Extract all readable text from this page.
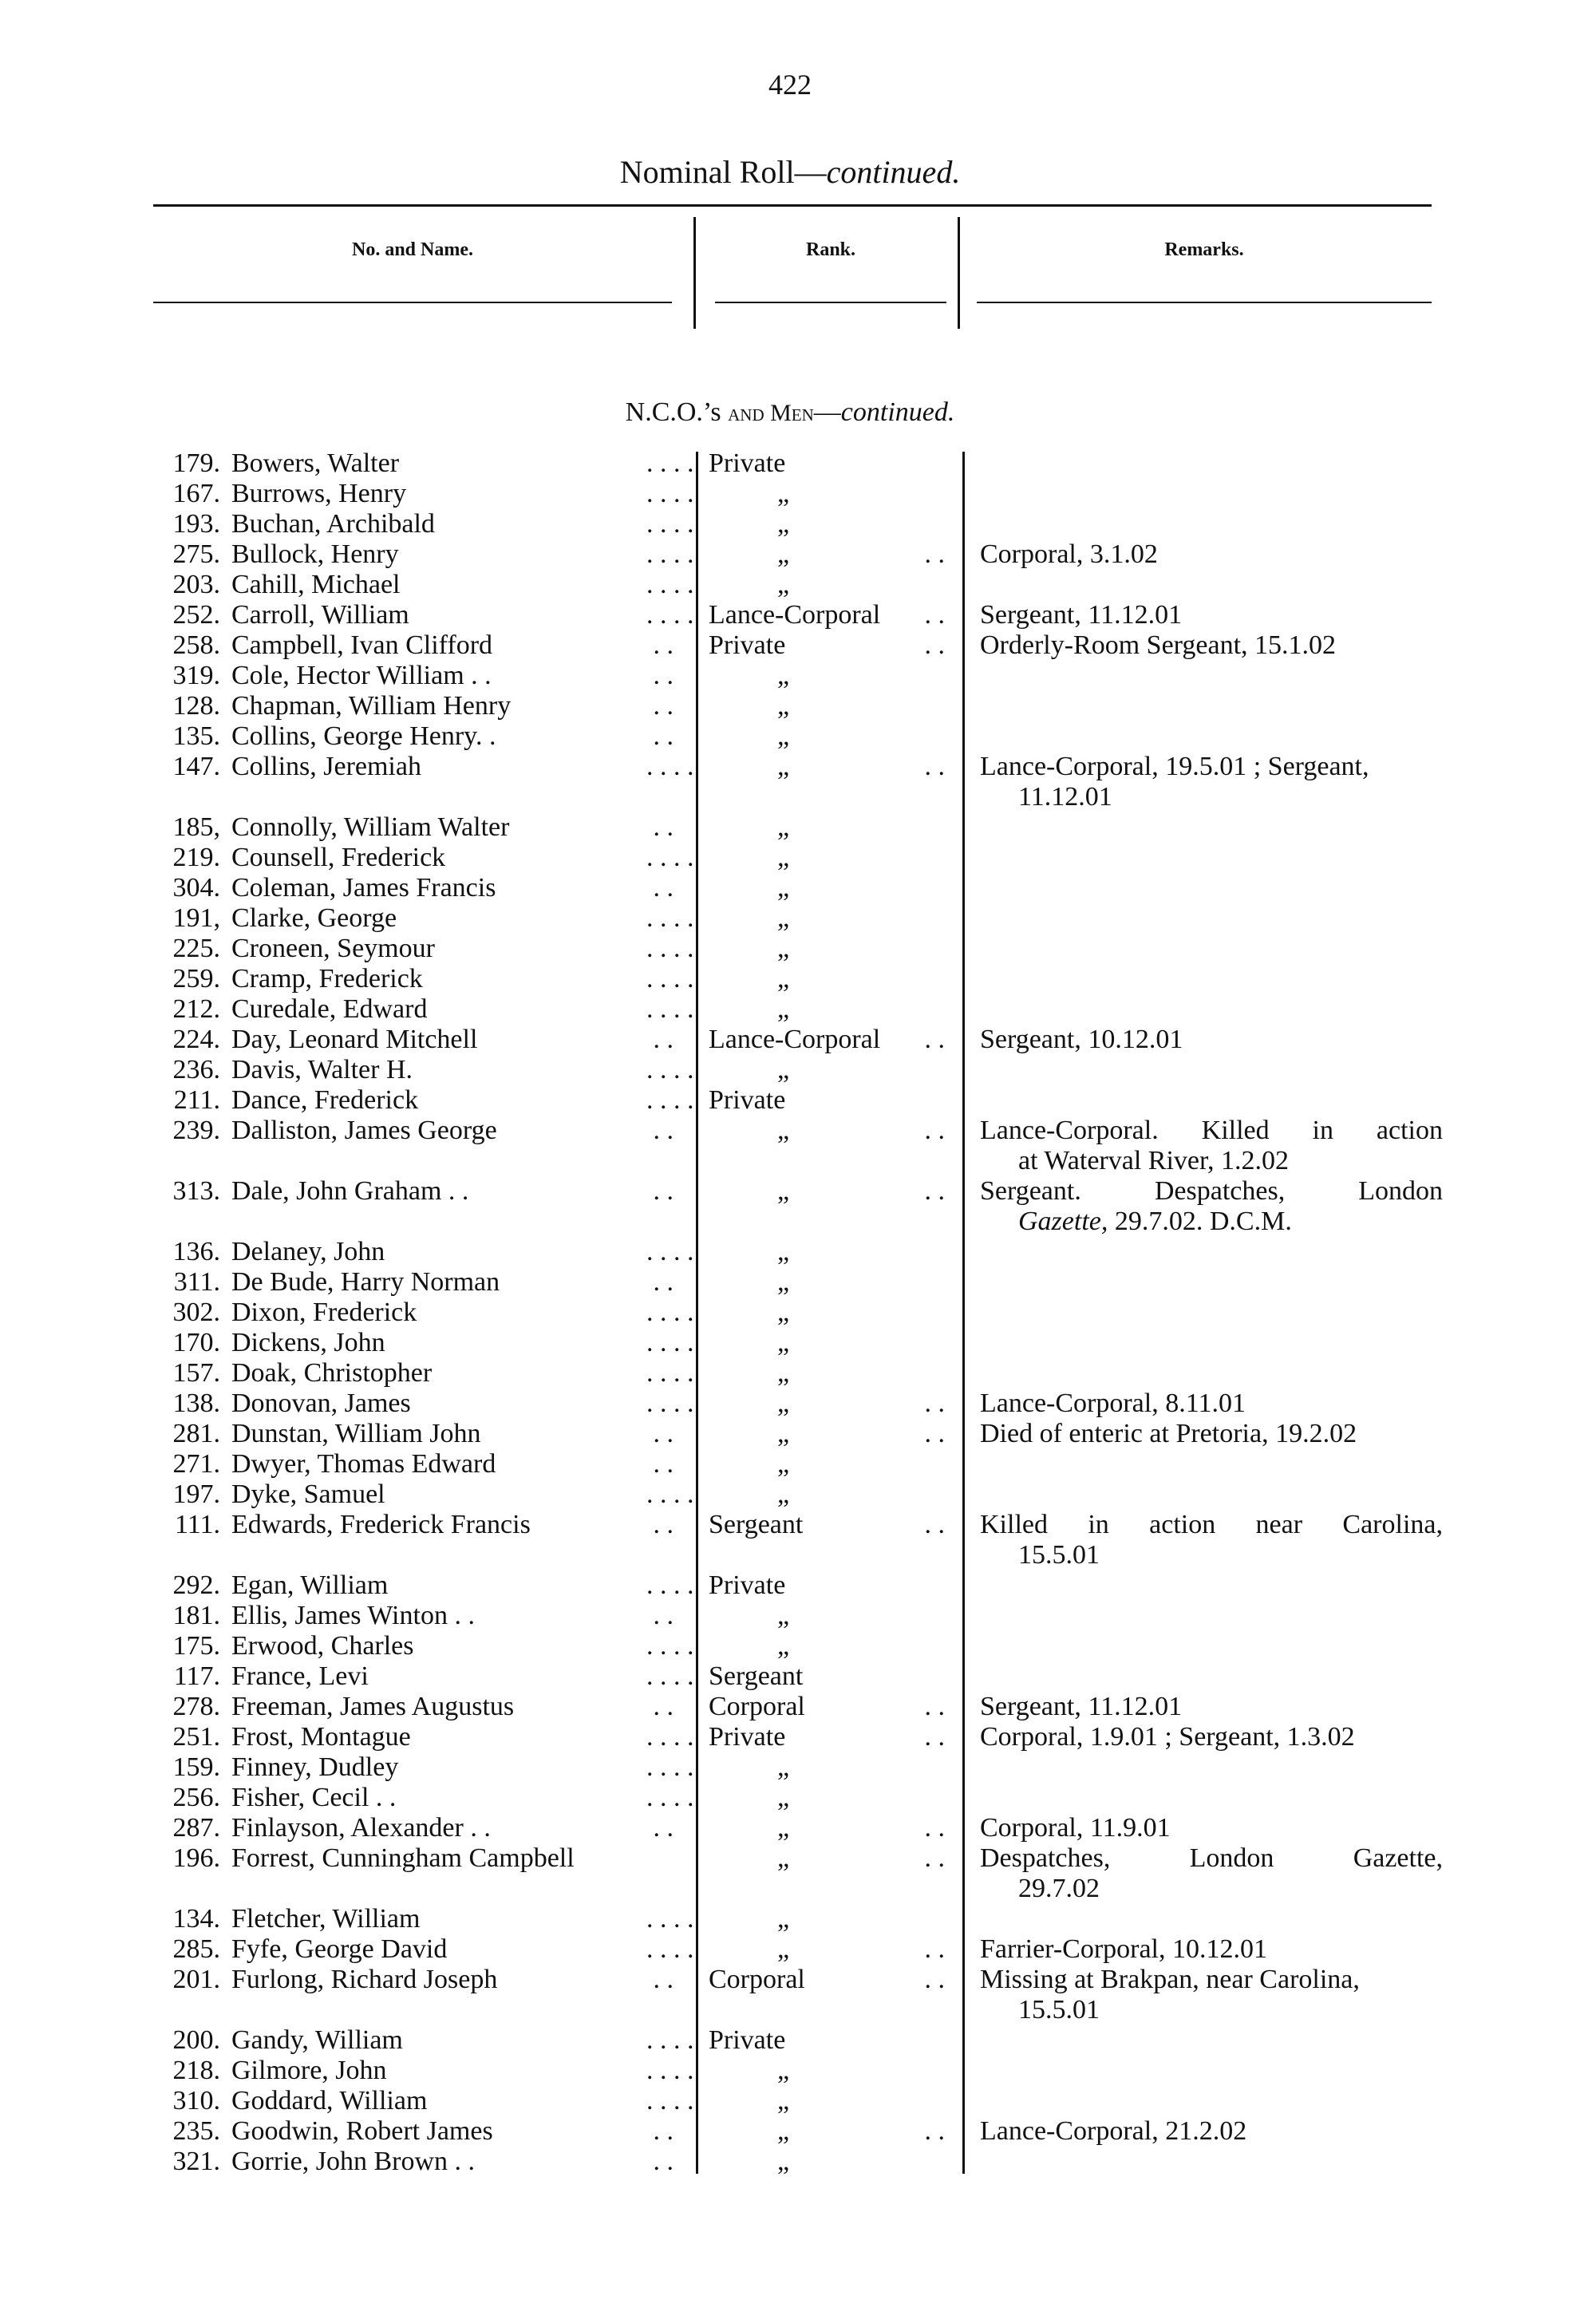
422
Nominal Roll—continued.
No. and Name.	Rank.	Remarks.
N.C.O.’s and Men—continued.
179. Bowers, Walter	. . . . Private
167. Burrows, Henry	. . . .	„
193. Buchan, Archibald	. . . .	„
275. Bullock, Henry	. . . .	„	. . Corporal, 3.1.02
203. Cahill, Michael	. . . .	„
252. Carroll, William	. . . . Lance-Corporal . . Sergeant, 11.12.01
258. Campbell, Ivan Clifford	. . Private	. . Orderly-Room Sergeant, 15.1.02
319. Cole, Hector William . .	. .	„
128. Chapman, William Henry	. .	„
135. Collins, George Henry. .	. .	„
147. Collins, Jeremiah	. . . .	„	. . Lance-Corporal, 19.5.01 ; Sergeant,
11.12.01
185, Connolly, William Walter	. .	„
219. Counsell, Frederick	. . . .	„
304. Coleman, James Francis	. .	„
191, Clarke, George	. . . .	„
225. Croneen, Seymour	. . . .	„
259. Cramp, Frederick	. . . .	„
212. Curedale, Edward	. . . .	„
224. Day, Leonard Mitchell	. . Lance-Corporal . . Sergeant, 10.12.01
236. Davis, Walter H.	. . . .	„
211. Dance, Frederick	. . . . Private
239. Dalliston, James George	. .	„	. . Lance-Corporal. Killed in action
at Waterval River, 1.2.02
313. Dale, John Graham . .	. .	„	. . Sergeant. Despatches, London
Gazette, 29.7.02. D.C.M.
136. Delaney, John	. . . .	„
311. De Bude, Harry Norman	. .	„
302. Dixon, Frederick	. . . .	„
170. Dickens, John	. . . .	„
157. Doak, Christopher	. . . .	„
138. Donovan, James	. . . .	„	. . Lance-Corporal, 8.11.01
281. Dunstan, William John	. .	„	. . Died of enteric at Pretoria, 19.2.02
271. Dwyer, Thomas Edward	. .	„
197. Dyke, Samuel	. . . .	„
111. Edwards, Frederick Francis	. . Sergeant	. . Killed in action near Carolina,
15.5.01
292. Egan, William	. . . . Private
181. Ellis, James Winton . .	. .	„
175. Erwood, Charles	. . . .	„
117. France, Levi	. . . . Sergeant
278. Freeman, James Augustus	. . Corporal	. . Sergeant, 11.12.01
251. Frost, Montague	. . . . Private	. . Corporal, 1.9.01 ; Sergeant, 1.3.02
159. Finney, Dudley	. . . .	„
256. Fisher, Cecil . .	. . . .	„
287. Finlayson, Alexander . .	. .	„	. . Corporal, 11.9.01
196. Forrest, Cunningham Campbell	„	. . Despatches, London Gazette,
29.7.02
134. Fletcher, William	. . . .	„
285. Fyfe, George David	. . . .	„	. . Farrier-Corporal, 10.12.01
201. Furlong, Richard Joseph	. . Corporal	. . Missing at Brakpan, near Carolina,
15.5.01
200. Gandy, William	. . . . Private
218. Gilmore, John	. . . .	„
310. Goddard, William	. . . .	„
235. Goodwin, Robert James	. .	„	. . Lance-Corporal, 21.2.02
321. Gorrie, John Brown . .	. .	„
